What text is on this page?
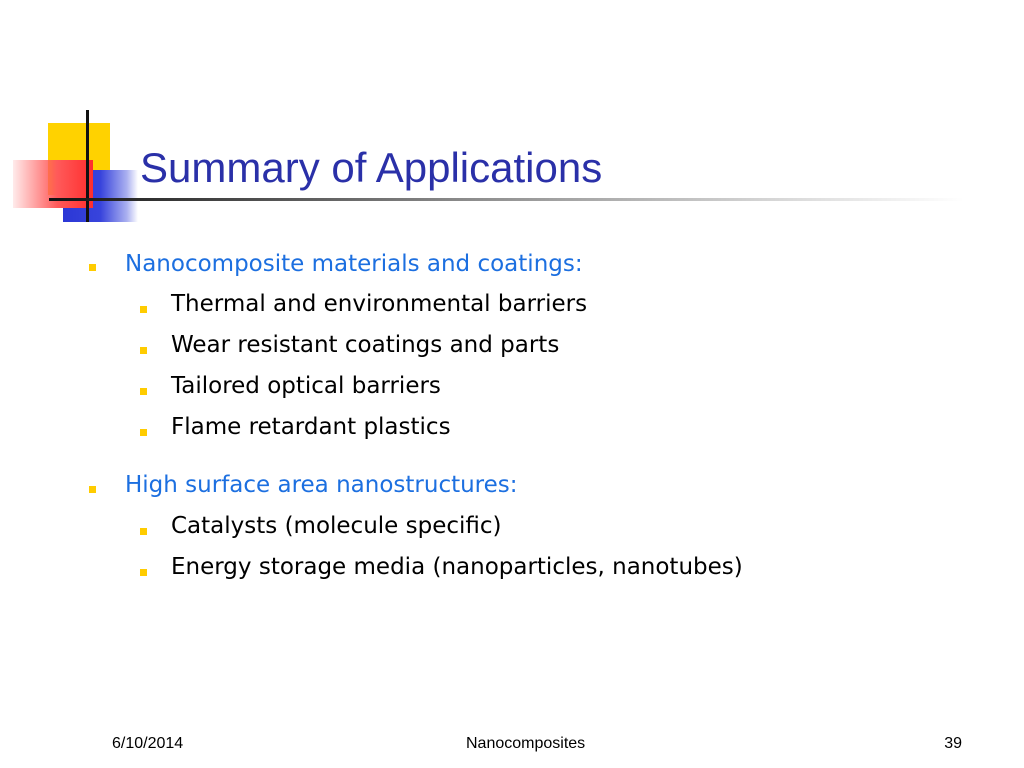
Summary of Applications
Nanocomposite materials and coatings:
Thermal and environmental barriers
Wear resistant coatings and parts
Tailored optical barriers
Flame retardant plastics
High surface area nanostructures:
Catalysts (molecule specific)
Energy storage media (nanoparticles, nanotubes)
6/10/2014	Nanocomposites	39
